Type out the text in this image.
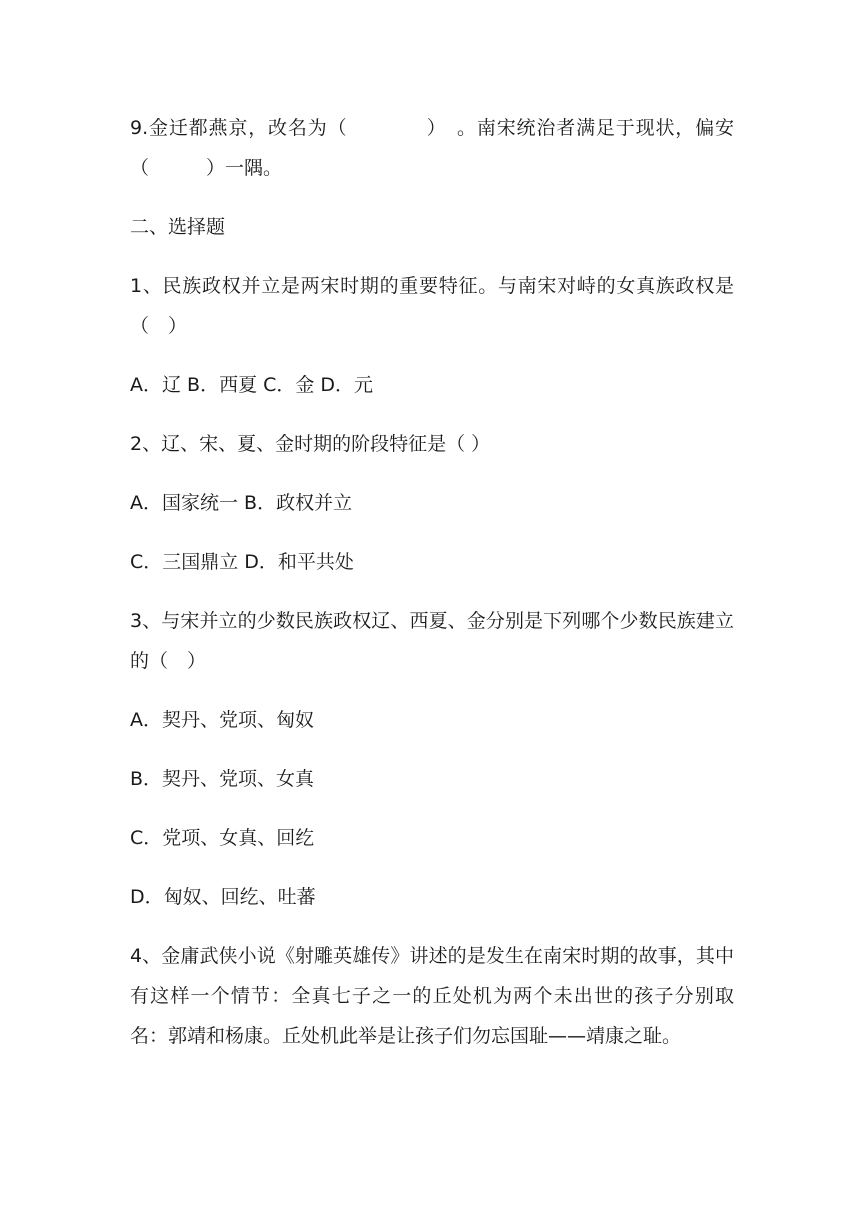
9.金迁都燕京，改名为（　　　　）　。南宋统治者满足于现状，偏安　（　　　）一隅。

二、选择题

1、民族政权并立是两宋时期的重要特征。与南宋对峙的女真族政权是（　）

A．辽 B．西夏 C．金 D．元

2、辽、宋、夏、金时期的阶段特征是（ ）

A．国家统一 B．政权并立

C．三国鼎立 D．和平共处

3、与宋并立的少数民族政权辽、西夏、金分别是下列哪个少数民族建立的（　）

A．契丹、党项、匈奴

B．契丹、党项、女真

C．党项、女真、回纥

D．匈奴、回纥、吐蕃

4、金庸武侠小说《射雕英雄传》讲述的是发生在南宋时期的故事，其中有这样一个情节：全真七子之一的丘处机为两个未出世的孩子分别取名：郭靖和杨康。丘处机此举是让孩子们勿忘国耻——靖康之耻。
